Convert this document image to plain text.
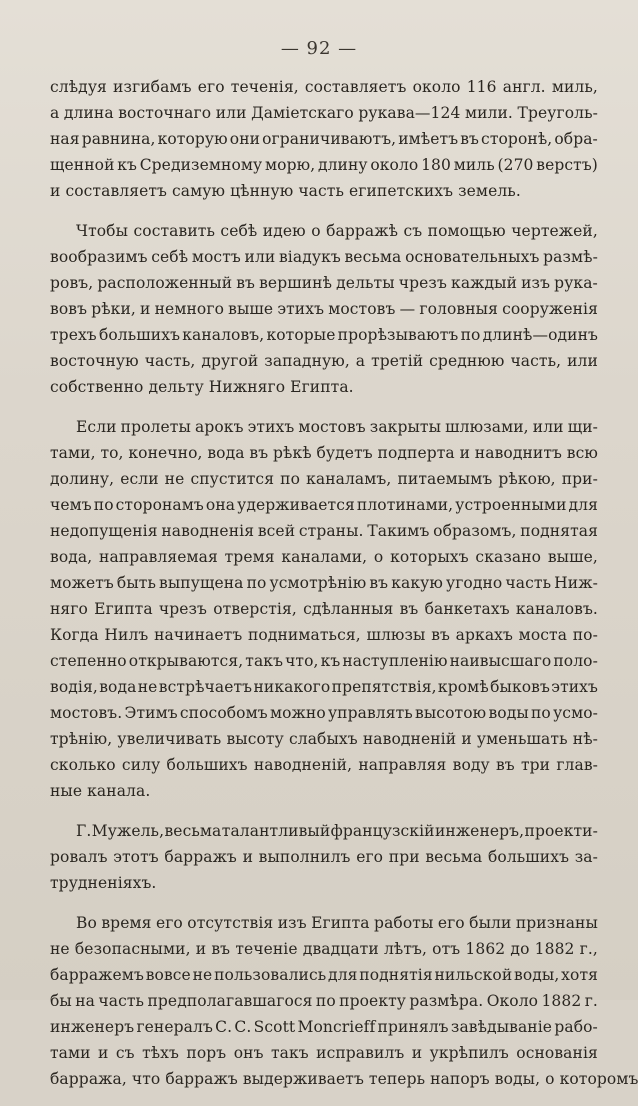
— 92 —
слѣдуя изгибамъ его теченія, составляетъ около 116 англ. миль,
а длина восточнаго или Даміетскаго рукава—124 мили. Треуголь-
ная равнина, которую они ограничиваютъ, имѣетъ въ сторонѣ, обра-
щенной къ Средиземному морю, длину около 180 миль (270 верстъ)
и составляетъ самую цѣнную часть египетскихъ земель.
Чтобы составить себѣ идею о барражѣ съ помощью чертежей,
вообразимъ себѣ мостъ или віадукъ весьма основательныхъ размѣ-
ровъ, расположенный въ вершинѣ дельты чрезъ каждый изъ рука-
вовъ рѣки, и немного выше этихъ мостовъ — головныя сооруженія
трехъ большихъ каналовъ, которые прорѣзываютъ по длинѣ—одинъ
восточную часть, другой западную, а третій среднюю часть, или
собственно дельту Нижняго Египта.
Если пролеты арокъ этихъ мостовъ закрыты шлюзами, или щи-
тами, то, конечно, вода въ рѣкѣ будетъ подперта и наводнитъ всю
долину, если не спустится по каналамъ, питаемымъ рѣкою, при-
чемъ по сторонамъ она удерживается плотинами, устроенными для
недопущенія наводненія всей страны. Такимъ образомъ, поднятая
вода, направляемая тремя каналами, о которыхъ сказано выше,
можетъ быть выпущена по усмотрѣнію въ какую угодно часть Ниж-
няго Египта чрезъ отверстія, сдѣланныя въ банкетахъ каналовъ.
Когда Нилъ начинаетъ подниматься, шлюзы въ аркахъ моста по-
степенно открываются, такъ что, къ наступленію наивысшаго поло-
водія, вода не встрѣчаетъ никакого препятствія, кромѣ быковъ этихъ
мостовъ. Этимъ способомъ можно управлять высотою воды по усмо-
трѣнію, увеличивать высоту слабыхъ наводненій и уменьшать нѣ-
сколько силу большихъ наводненій, направляя воду въ три глав-
ные канала.
Г. Мужель, весьма талантливый французскій инженеръ, проекти-
ровалъ этотъ барражъ и выполнилъ его при весьма большихъ за-
трудненіяхъ.
Во время его отсутствія изъ Египта работы его были признаны
не безопасными, и въ теченіе двадцати лѣтъ, отъ 1862 до 1882 г.,
барражемъ вовсе не пользовались для поднятія нильской воды, хотя
бы на часть предполагавшагося по проекту размѣра. Около 1882 г.
инженеръ генералъ С. С. Scott Moncrieff принялъ завѣдываніе рабо-
тами и съ тѣхъ поръ онъ такъ исправилъ и укрѣпилъ основанія
барража, что барражъ выдерживаетъ теперь напоръ воды, о которомъ
